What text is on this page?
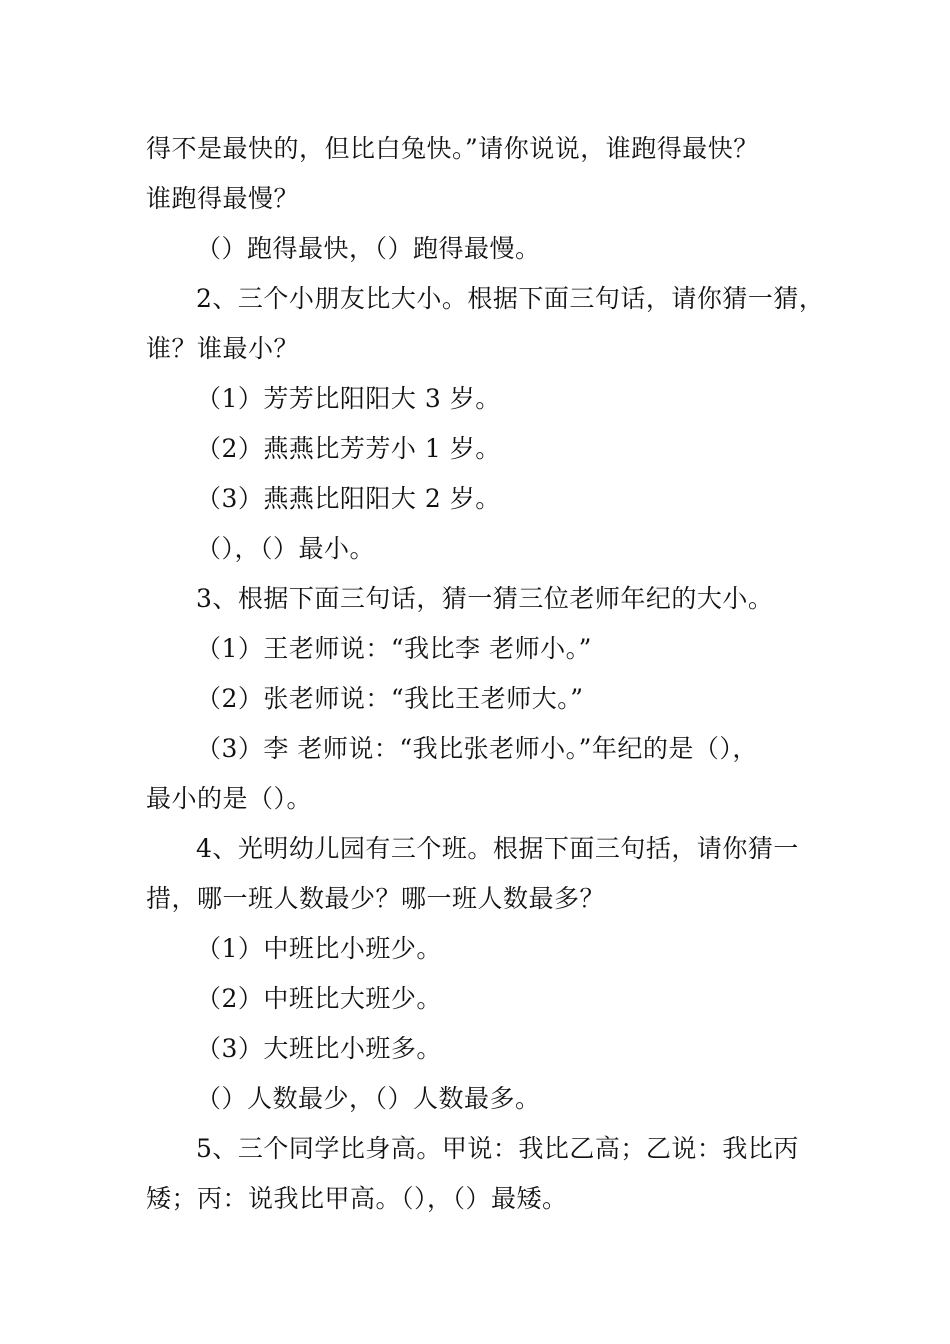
得不是最快的，但比白兔快。”请你说说，谁跑得最快？
谁跑得最慢？
（）跑得最快，（）跑得最慢。
2、三个小朋友比大小。根据下面三句话，请你猜一猜，
谁？谁最小？
（1）芳芳比阳阳大 3 岁。
（2）燕燕比芳芳小 1 岁。
（3）燕燕比阳阳大 2 岁。
（），（）最小。
3、根据下面三句话，猜一猜三位老师年纪的大小。
（1）王老师说：“我比李 老师小。”
（2）张老师说：“我比王老师大。”
（3）李 老师说：“我比张老师小。”年纪的是（），
最小的是（）。
4、光明幼儿园有三个班。根据下面三句括，请你猜一
措，哪一班人数最少？哪一班人数最多？
（1）中班比小班少。
（2）中班比大班少。
（3）大班比小班多。
（）人数最少，（）人数最多。
5、三个同学比身高。甲说：我比乙高；乙说：我比丙
矮；丙：说我比甲高。（），（）最矮。
